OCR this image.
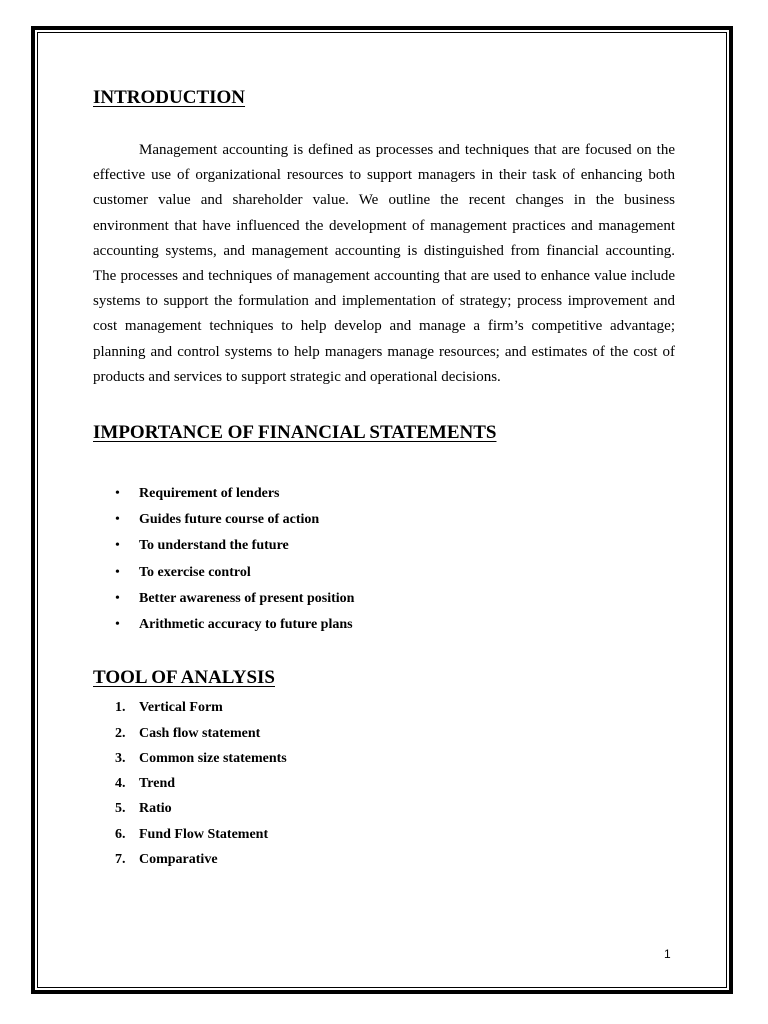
INTRODUCTION

Management accounting is defined as processes and techniques that are focused on the effective use of organizational resources to support managers in their task of enhancing both customer value and shareholder value. We outline the recent changes in the business environment that have influenced the development of management practices and management accounting systems, and management accounting is distinguished from financial accounting. The processes and techniques of management accounting that are used to enhance value include systems to support the formulation and implementation of strategy; process improvement and cost management techniques to help develop and manage a firm’s competitive advantage; planning and control systems to help managers manage resources; and estimates of the cost of products and services to support strategic and operational decisions.

IMPORTANCE OF FINANCIAL STATEMENTS
• Requirement of lenders
• Guides future course of action
• To understand the future
• To exercise control
• Better awareness of present position
• Arithmetic accuracy to future plans
TOOL OF ANALYSIS
1. Vertical Form
2. Cash flow statement
3. Common size statements
4. Trend
5. Ratio
6. Fund Flow Statement
7. Comparative
1
